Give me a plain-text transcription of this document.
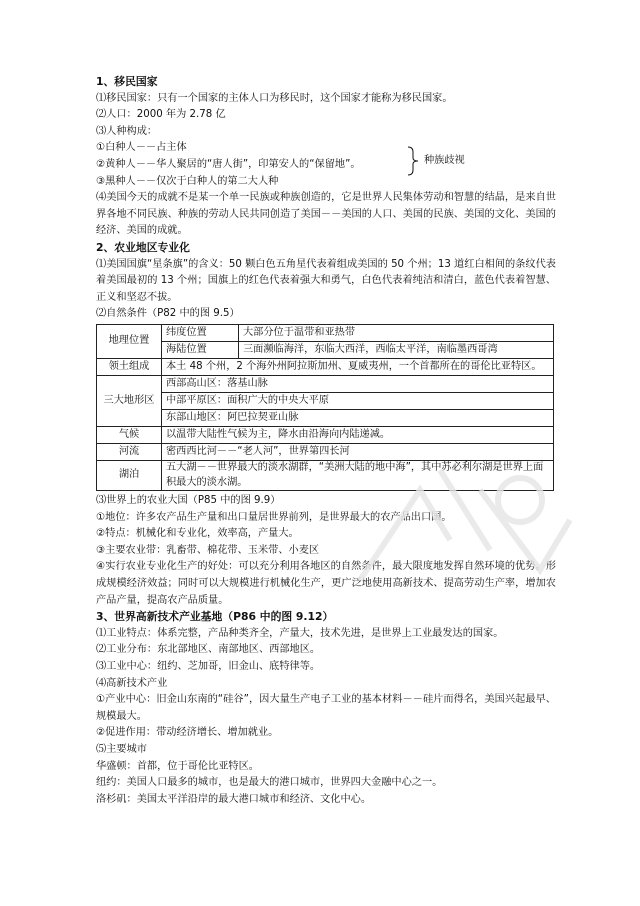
1、移民国家
⑴移民国家：只有一个国家的主体人口为移民时，这个国家才能称为移民国家。
⑵人口：2000 年为 2.78 亿
⑶人种构成：
①白种人－－占主体
②黄种人－－华人聚居的“唐人街”，印第安人的“保留地”。
③黑种人－－仅次于白种人的第二大人种
种族歧视
⑷美国今天的成就不是某一个单一民族或种族创造的，它是世界人民集体劳动和智慧的结晶，是来自世界各地不同民族、种族的劳动人民共同创造了美国－－美国的人口、美国的民族、美国的文化、美国的经济、美国的成就。
2、农业地区专业化
⑴美国国旗“星条旗”的含义：50 颗白色五角星代表着组成美国的 50 个州；13 道红白相间的条纹代表着美国最初的 13 个州；国旗上的红色代表着强大和勇气，白色代表着纯洁和清白，蓝色代表着智慧、正义和坚忍不拔。
⑵自然条件（P82 中的图 9.5）
地理位置	纬度位置	大部分位于温带和亚热带
	海陆位置	三面濒临海洋，东临大西洋，西临太平洋，南临墨西哥湾
领土组成	本土 48 个州，2 个海外州阿拉斯加州、夏威夷州，一个首都所在的哥伦比亚特区。	
三大地形区	西部高山区：落基山脉	
	中部平原区：面积广大的中央大平原	
	东部山地区：阿巴拉契亚山脉	
气候	以温带大陆性气候为主，降水由沿海向内陆递减。	
河流	密西西比河－－“老人河”，世界第四长河	
湖泊	五大湖－－世界最大的淡水湖群，“美洲大陆的地中海”，其中苏必利尔湖是世界上面积最大的淡水湖。	
⑶世界上的农业大国（P85 中的图 9.9）
①地位：许多农产品生产量和出口量居世界前列，是世界最大的农产品出口国。
②特点：机械化和专业化，效率高，产量大。
③主要农业带：乳畜带、棉花带、玉米带、小麦区
④实行农业专业化生产的好处：可以充分利用各地区的自然条件，最大限度地发挥自然环境的优势。形成规模经济效益；同时可以大规模进行机械化生产，更广泛地使用高新技术、提高劳动生产率，增加农产品产量，提高农产品质量。
3、世界高新技术产业基地（P86 中的图 9.12）
⑴工业特点：体系完整，产品种类齐全，产量大，技术先进，是世界上工业最发达的国家。
⑵工业分布：东北部地区、南部地区、西部地区。
⑶工业中心：纽约、芝加哥，旧金山、底特律等。
⑷高新技术产业
①产业中心：旧金山东南的“硅谷”，因大量生产电子工业的基本材料－－硅片而得名，美国兴起最早、规模最大。
②促进作用：带动经济增长、增加就业。
⑸主要城市
华盛顿：首都，位于哥伦比亚特区。
纽约：美国人口最多的城市，也是最大的港口城市，世界四大金融中心之一。
洛杉矶：美国太平洋沿岸的最大港口城市和经济、文化中心。
